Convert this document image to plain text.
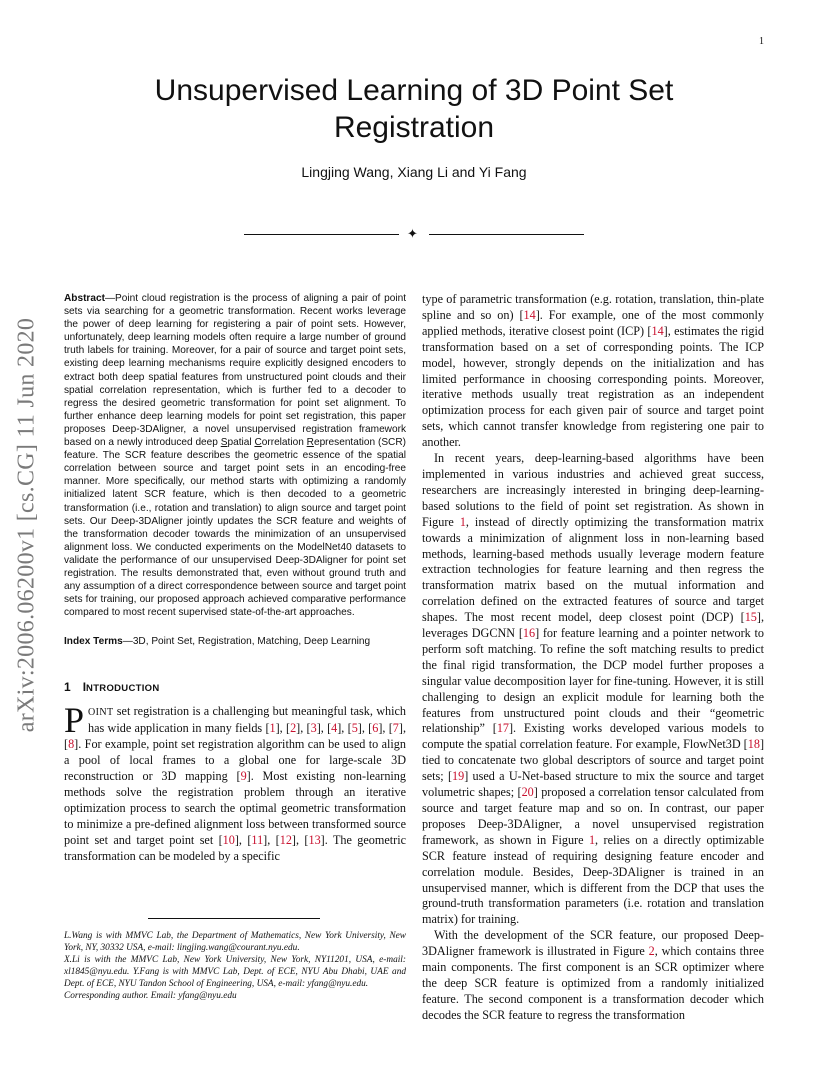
1
arXiv:2006.06200v1 [cs.CG] 11 Jun 2020
Unsupervised Learning of 3D Point Set
Registration
Lingjing Wang, Xiang Li and Yi Fang
✦

Abstract—Point cloud registration is the process of aligning a pair of point sets via searching for a geometric transformation. Recent works leverage the power of deep learning for registering a pair of point sets. However, unfortunately, deep learning models often require a large number of ground truth labels for training. Moreover, for a pair of source and target point sets, existing deep learning mechanisms require explicitly designed encoders to extract both deep spatial features from unstructured point clouds and their spatial correlation representation, which is further fed to a decoder to regress the desired geometric transformation for point set alignment. To further enhance deep learning models for point set registration, this paper proposes Deep-3DAligner, a novel unsupervised registration framework based on a newly introduced deep Spatial Correlation Representation (SCR) feature. The SCR feature describes the geometric essence of the spatial correlation between source and target point sets in an encoding-free manner. More specifically, our method starts with optimizing a randomly initialized latent SCR feature, which is then decoded to a geometric transformation (i.e., rotation and translation) to align source and target point sets. Our Deep-3DAligner jointly updates the SCR feature and weights of the transformation decoder towards the minimization of an unsupervised alignment loss. We conducted experiments on the ModelNet40 datasets to validate the performance of our unsupervised Deep-3DAligner for point set registration. The results demonstrated that, even without ground truth and any assumption of a direct correspondence between source and target point sets for training, our proposed approach achieved comparative performance compared to most recent supervised state-of-the-art approaches.

Index Terms—3D, Point Set, Registration, Matching, Deep Learning

1 INTRODUCTION

POINT set registration is a challenging but meaningful task, which has wide application in many fields [1], [2], [3], [4], [5], [6], [7], [8]. For example, point set registration algorithm can be used to align a pool of local frames to a global one for large-scale 3D reconstruction or 3D mapping [9]. Most existing non-learning methods solve the registration problem through an iterative optimization process to search the optimal geometric transformation to minimize a pre-defined alignment loss between transformed source point set and target point set [10], [11], [12], [13]. The geometric transformation can be modeled by a specific

type of parametric transformation (e.g. rotation, translation, thin-plate spline and so on) [14]. For example, one of the most commonly applied methods, iterative closest point (ICP) [14], estimates the rigid transformation based on a set of corresponding points. The ICP model, however, strongly depends on the initialization and has limited performance in choosing corresponding points. Moreover, iterative methods usually treat registration as an independent optimization process for each given pair of source and target point sets, which cannot transfer knowledge from registering one pair to another.

In recent years, deep-learning-based algorithms have been implemented in various industries and achieved great success, researchers are increasingly interested in bringing deep-learning-based solutions to the field of point set registration. As shown in Figure 1, instead of directly optimizing the transformation matrix towards a minimization of alignment loss in non-learning based methods, learning-based methods usually leverage modern feature extraction technologies for feature learning and then regress the transformation matrix based on the mutual information and correlation defined on the extracted features of source and target shapes. The most recent model, deep closest point (DCP) [15], leverages DGCNN [16] for feature learning and a pointer network to perform soft matching. To refine the soft matching results to predict the final rigid transformation, the DCP model further proposes a singular value decomposition layer for fine-tuning. However, it is still challenging to design an explicit module for learning both the features from unstructured point clouds and their “geometric relationship” [17]. Existing works developed various models to compute the spatial correlation feature. For example, FlowNet3D [18] tied to concatenate two global descriptors of source and target point sets; [19] used a U-Net-based structure to mix the source and target volumetric shapes; [20] proposed a correlation tensor calculated from source and target feature map and so on. In contrast, our paper proposes Deep-3DAligner, a novel unsupervised registration framework, as shown in Figure 1, relies on a directly optimizable SCR feature instead of requiring designing feature encoder and correlation module. Besides, Deep-3DAligner is trained in an unsupervised manner, which is different from the DCP that uses the ground-truth transformation parameters (i.e. rotation and translation matrix) for training.

With the development of the SCR feature, our proposed Deep-3DAligner framework is illustrated in Figure 2, which contains three main components. The first component is an SCR optimizer where the deep SCR feature is optimized from a randomly initialized feature. The second component is a transformation decoder which decodes the SCR feature to regress the transformation

L.Wang is with MMVC Lab, the Department of Mathematics, New York University, New York, NY, 30332 USA, e-mail: lingjing.wang@courant.nyu.edu.

X.Li is with the MMVC Lab, New York University, New York, NY11201, USA, e-mail: xl1845@nyu.edu. Y.Fang is with MMVC Lab, Dept. of ECE, NYU Abu Dhabi, UAE and Dept. of ECE, NYU Tandon School of Engineering, USA, e-mail: yfang@nyu.edu.

Corresponding author. Email: yfang@nyu.edu
